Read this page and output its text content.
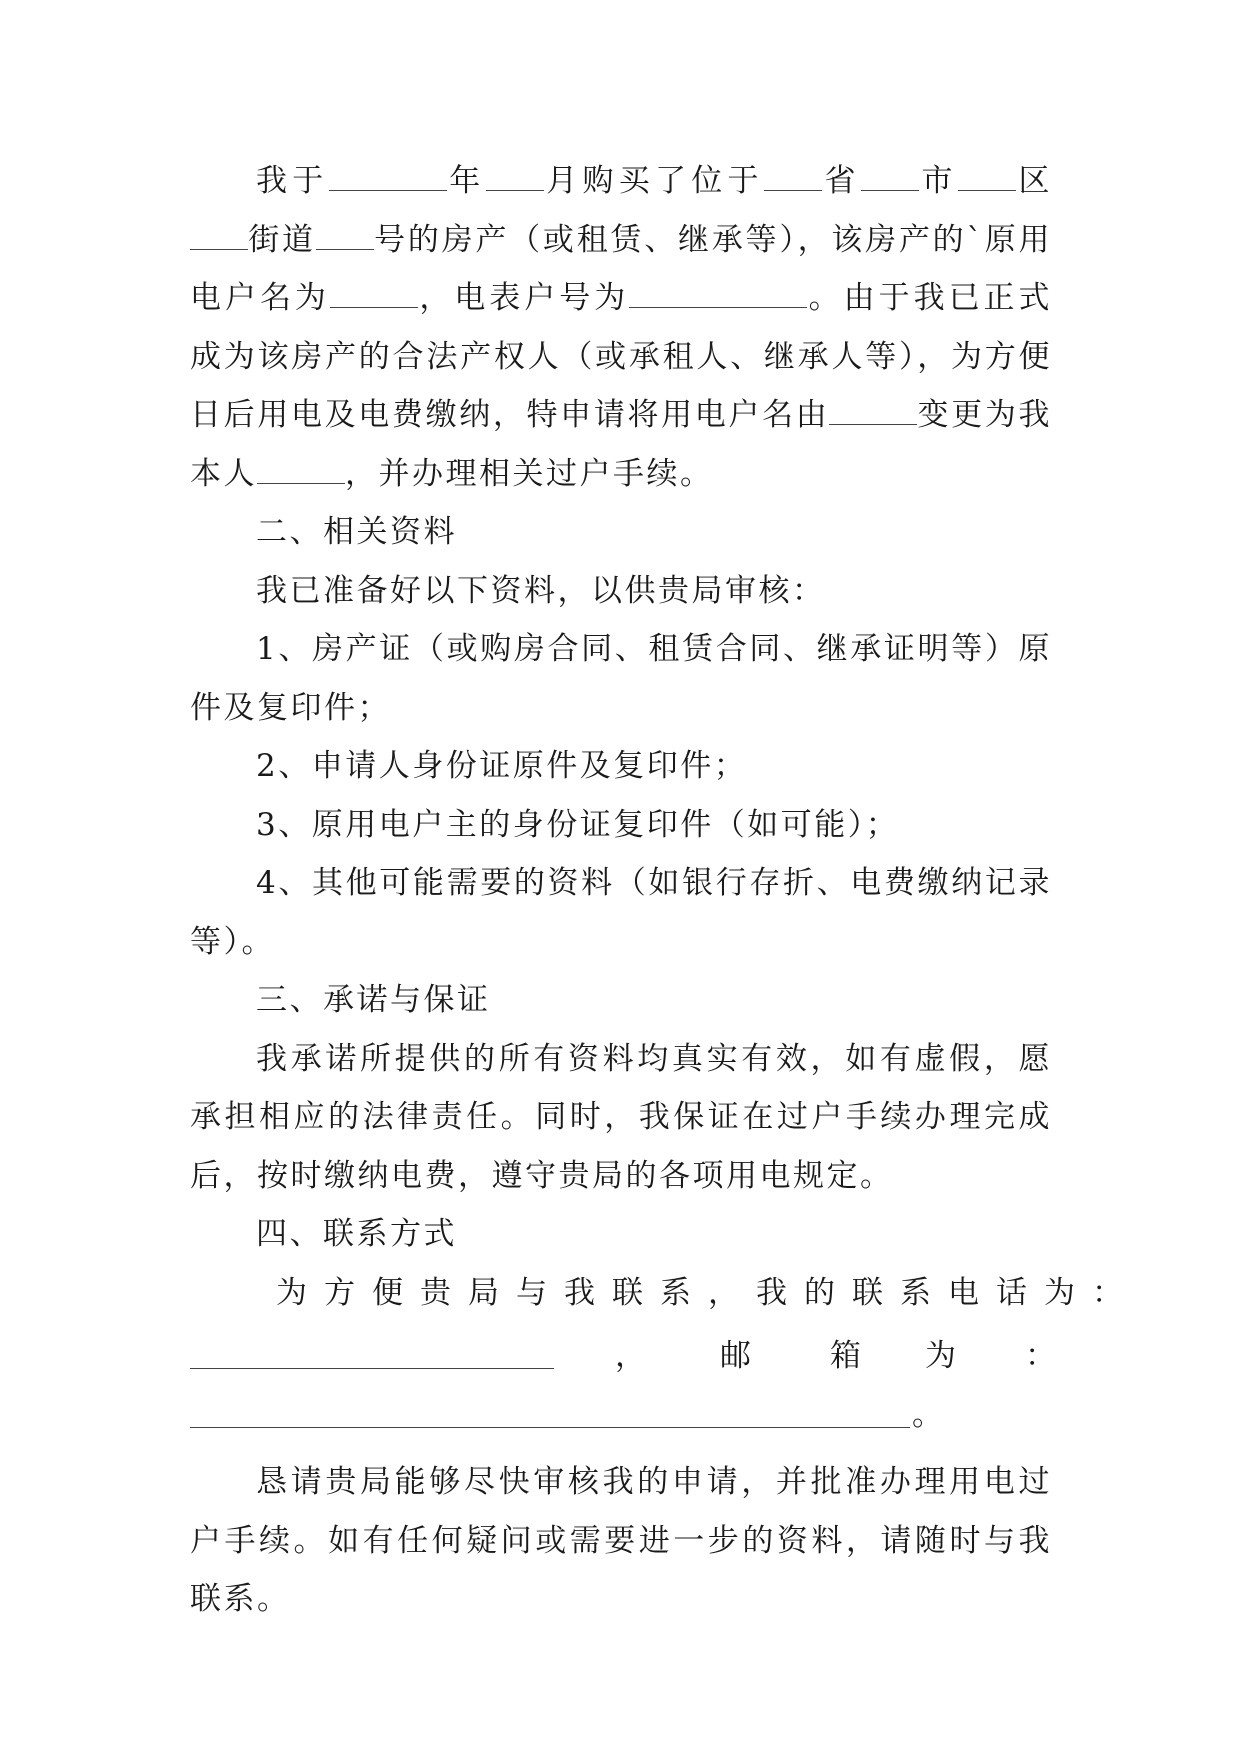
我于	年 月购买了位于 省 市 区街道 号的房产（或租赁、继承等），该房产的`原用电户名为	，电表户号为	。由于我已正式成为该房产的合法产权人（或承租人、继承人等），为方便日后用电及电费缴纳，特申请将用电户名由	变更为我本人	，并办理相关过户手续。

二、相关资料

我已准备好以下资料，以供贵局审核：

1、房产证（或购房合同、租赁合同、继承证明等）原件及复印件；

2、申请人身份证原件及复印件；

3、原用电户主的身份证复印件（如可能）；

4、其他可能需要的资料（如银行存折、电费缴纳记录等）。

三、承诺与保证

我承诺所提供的所有资料均真实有效，如有虚假，愿承担相应的法律责任。同时，我保证在过户手续办理完成后，按时缴纳电费，遵守贵局的各项用电规定。

四、联系方式

为方便贵局与我联系，我的联系电话为：

， 邮	箱 为 ：
。

恳请贵局能够尽快审核我的申请，并批准办理用电过户手续。如有任何疑问或需要进一步的资料，请随时与我联系。
